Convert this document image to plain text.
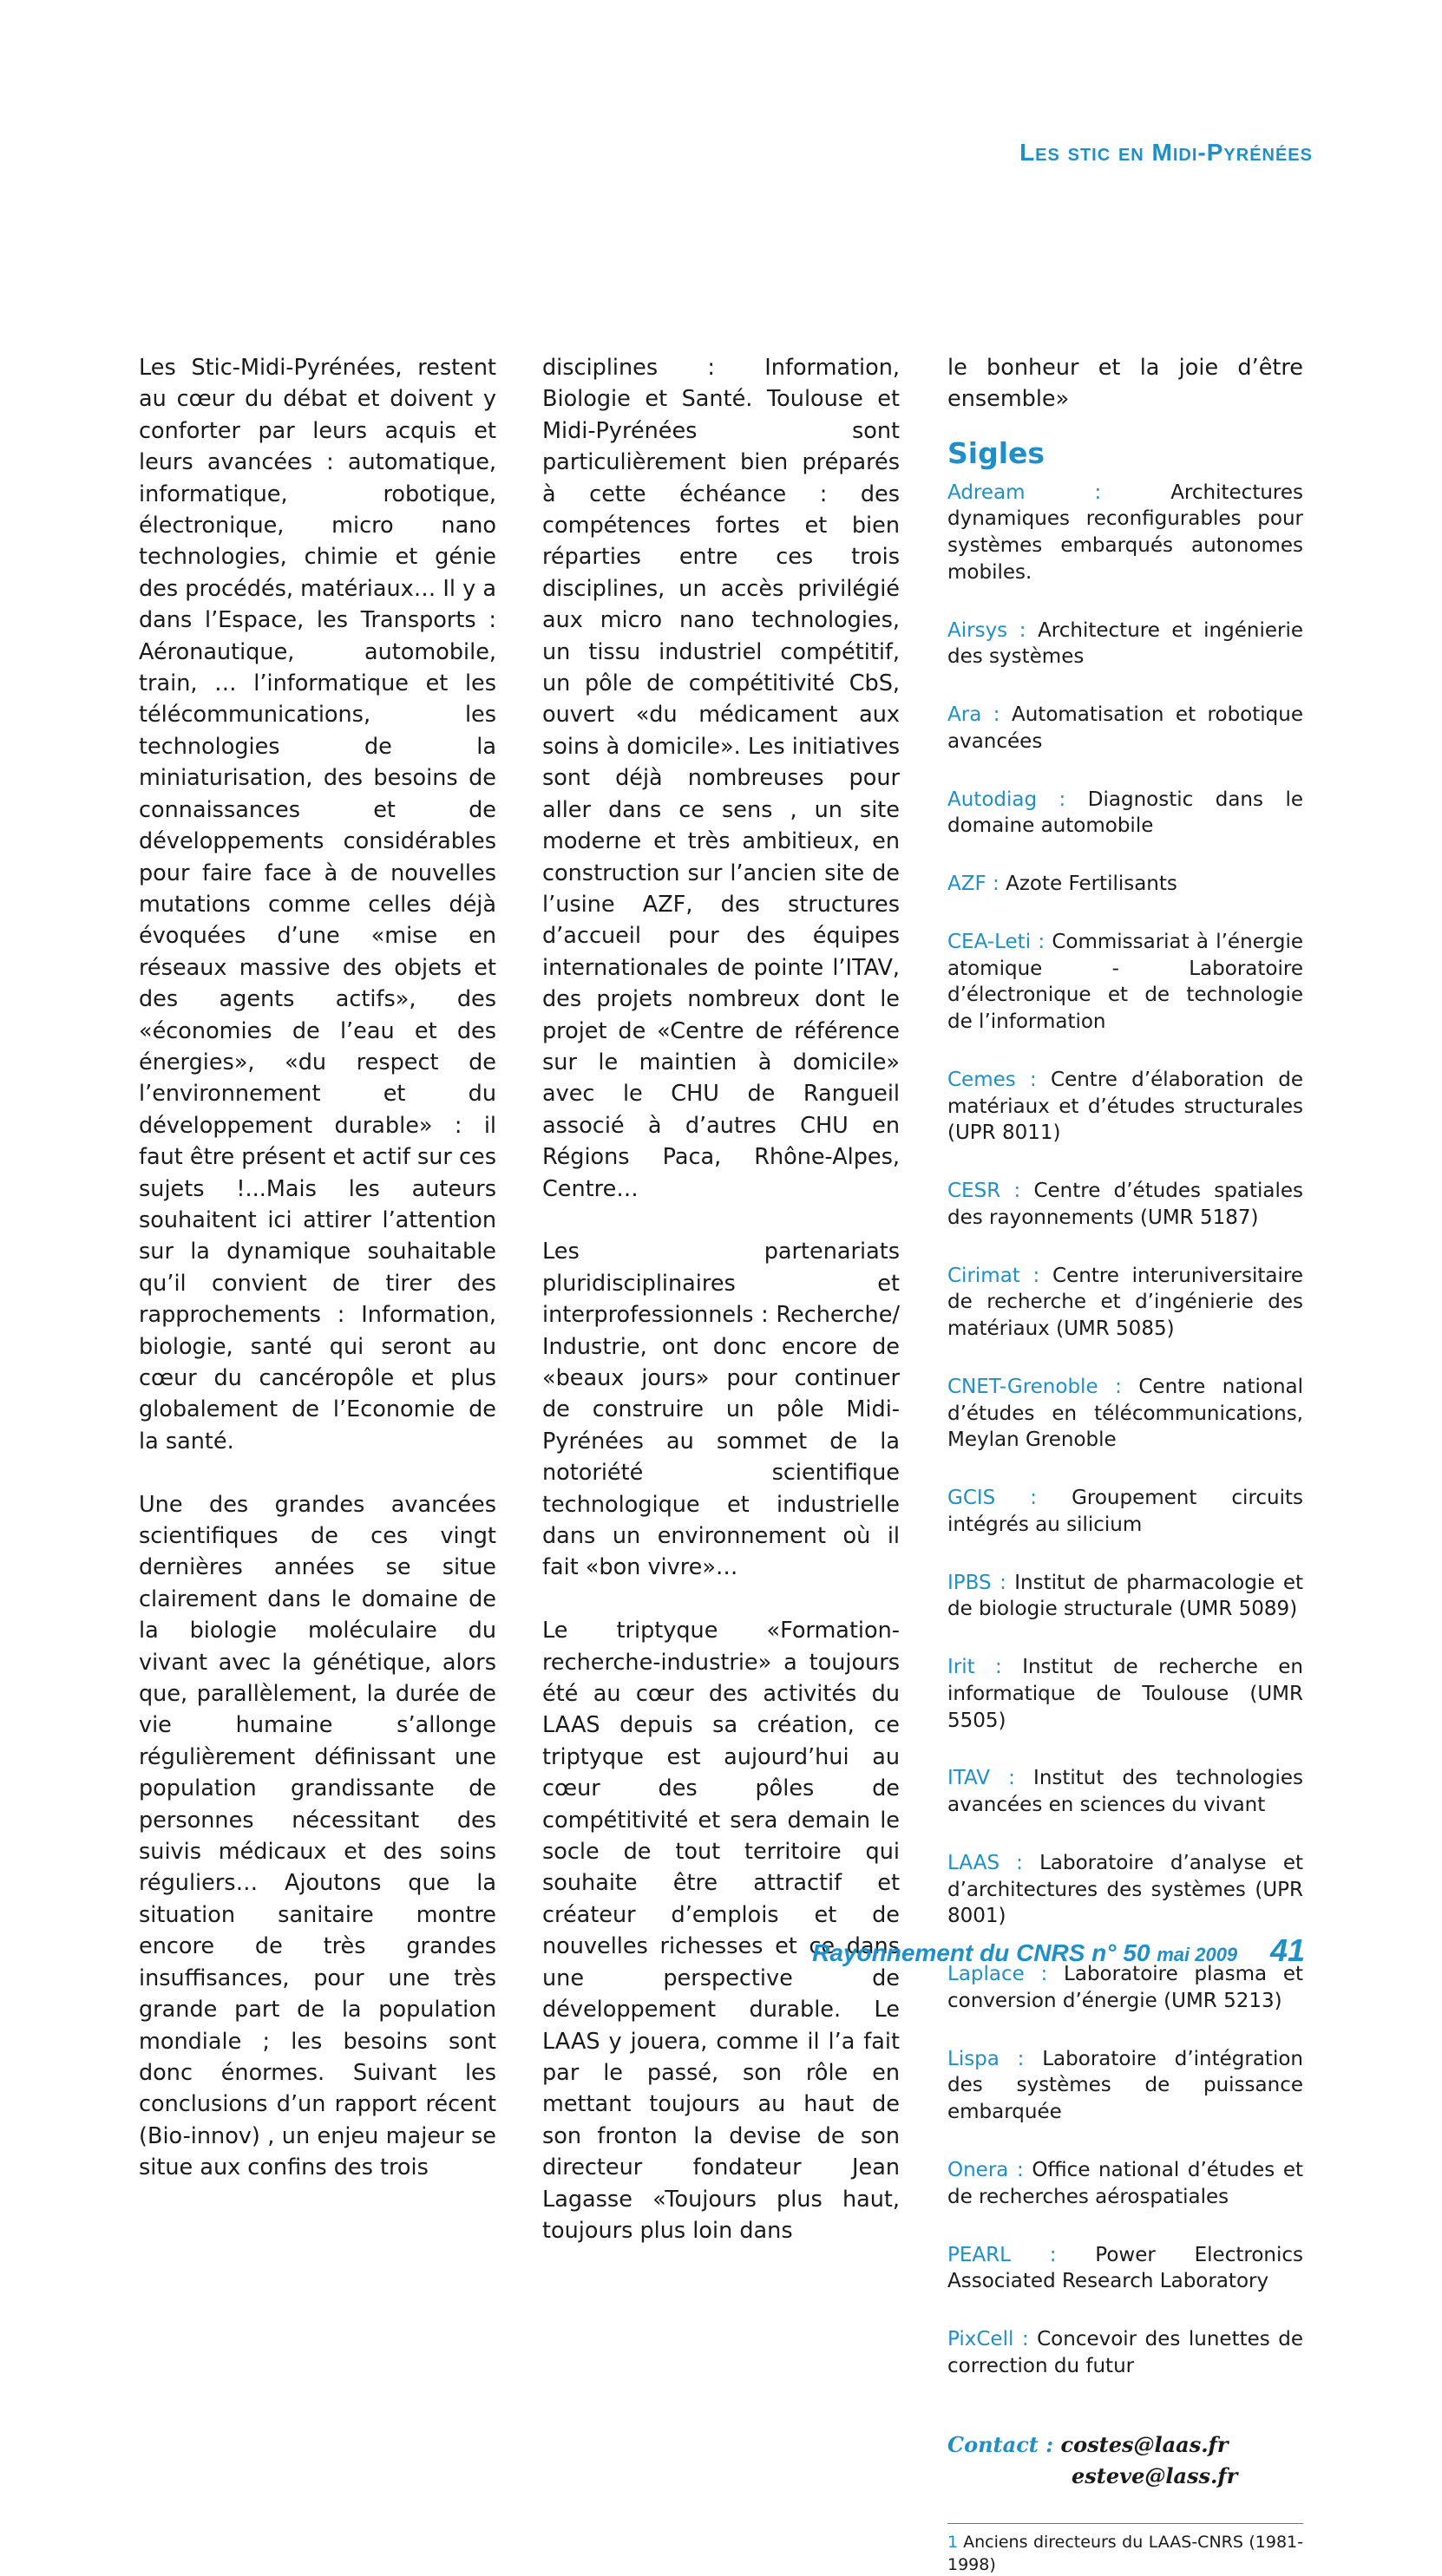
Les stic en Midi-Pyrénées

Les Stic-Midi-Pyrénées, restent au cœur du débat et doivent y conforter par leurs acquis et leurs avancées : automatique, informatique, robotique, électronique, micro nano technologies, chimie et génie des procédés, matériaux… Il y a dans l’Espace, les Transports : Aéronautique, automobile, train, … l’informatique et les télécommunications, les technologies de la miniaturisation, des besoins de connaissances et de développements considérables pour faire face à de nouvelles mutations comme celles déjà évoquées d’une «mise en réseaux massive des objets et des agents actifs», des «économies de l’eau et des énergies», «du respect de l’environnement et du développement durable» : il faut être présent et actif sur ces sujets !...Mais les auteurs souhaitent ici attirer l’attention sur la dynamique souhaitable qu’il convient de tirer des rapprochements : Information, biologie, santé qui seront au cœur du cancéropôle et plus globalement de l’Economie de la santé.

Une des grandes avancées scientifiques de ces vingt dernières années se situe clairement dans le domaine de la biologie moléculaire du vivant avec la génétique, alors que, parallèlement, la durée de vie humaine s’allonge régulièrement définissant une population grandissante de personnes nécessitant des suivis médicaux et des soins réguliers… Ajoutons que la situation sanitaire montre encore de très grandes insuffisances, pour une très grande part de la population mondiale ; les besoins sont donc énormes. Suivant les conclusions d’un rapport récent (Bio-innov) , un enjeu majeur se situe aux confins des trois

disciplines : Information, Biologie et Santé. Toulouse et Midi-Pyrénées sont particulièrement bien préparés à cette échéance : des compétences fortes et bien réparties entre ces trois disciplines, un accès privilégié aux micro nano technologies, un tissu industriel compétitif, un pôle de compétitivité CbS, ouvert «du médicament aux soins à domicile». Les initiatives sont déjà nombreuses pour aller dans ce sens , un site moderne et très ambitieux, en construction sur l’ancien site de l’usine AZF, des structures d’accueil pour des équipes internationales de pointe l’ITAV, des projets nombreux dont le projet de «Centre de référence sur le maintien à domicile» avec le CHU de Rangueil associé à d’autres CHU en Régions Paca, Rhône-Alpes, Centre…

Les partenariats pluridisciplinaires et interprofessionnels : Recherche/ Industrie, ont donc encore de «beaux jours» pour continuer de construire un pôle Midi-Pyrénées au sommet de la notoriété scientifique technologique et industrielle dans un environnement où il fait «bon vivre»…

Le triptyque «Formation-recherche-industrie» a toujours été au cœur des activités du LAAS depuis sa création, ce triptyque est aujourd’hui au cœur des pôles de compétitivité et sera demain le socle de tout territoire qui souhaite être attractif et créateur d’emplois et de nouvelles richesses et ce dans une perspective de développement durable. Le LAAS y jouera, comme il l’a fait par le passé, son rôle en mettant toujours au haut de son fronton la devise de son directeur fondateur Jean Lagasse «Toujours plus haut, toujours plus loin dans

le bonheur et la joie d’être ensemble»

Sigles

Adream : Architectures dynamiques reconfigurables pour systèmes embarqués autonomes mobiles.

Airsys : Architecture et ingénierie des systèmes

Ara : Automatisation et robotique avancées

Autodiag : Diagnostic dans le domaine automobile

AZF : Azote Fertilisants

CEA-Leti : Commissariat à l’énergie atomique - Laboratoire d’électronique et de technologie de l’information

Cemes : Centre d’élaboration de matériaux et d’études structurales (UPR 8011)

CESR : Centre d’études spatiales des rayonnements (UMR 5187)

Cirimat : Centre interuniversitaire de recherche et d’ingénierie des matériaux (UMR 5085)

CNET-Grenoble : Centre national d’études en télécommunications, Meylan Grenoble

GCIS : Groupement circuits intégrés au silicium

IPBS : Institut de pharmacologie et de biologie structurale (UMR 5089)

Irit : Institut de recherche en informatique de Toulouse (UMR 5505)

ITAV : Institut des technologies avancées en sciences du vivant

LAAS : Laboratoire d’analyse et d’architectures des systèmes (UPR 8001)

Laplace : Laboratoire plasma et conversion d’énergie (UMR 5213)

Lispa : Laboratoire d’intégration des systèmes de puissance embarquée

Onera : Office national d’études et de recherches aérospatiales

PEARL : Power Electronics Associated Research Laboratory

PixCell : Concevoir des lunettes de correction du futur

Contact : costes@laas.fr
esteve@lass.fr
1 Anciens directeurs du LAAS-CNRS (1981-1998)
Rayonnement du CNRS n° 50 mai 2009 41
